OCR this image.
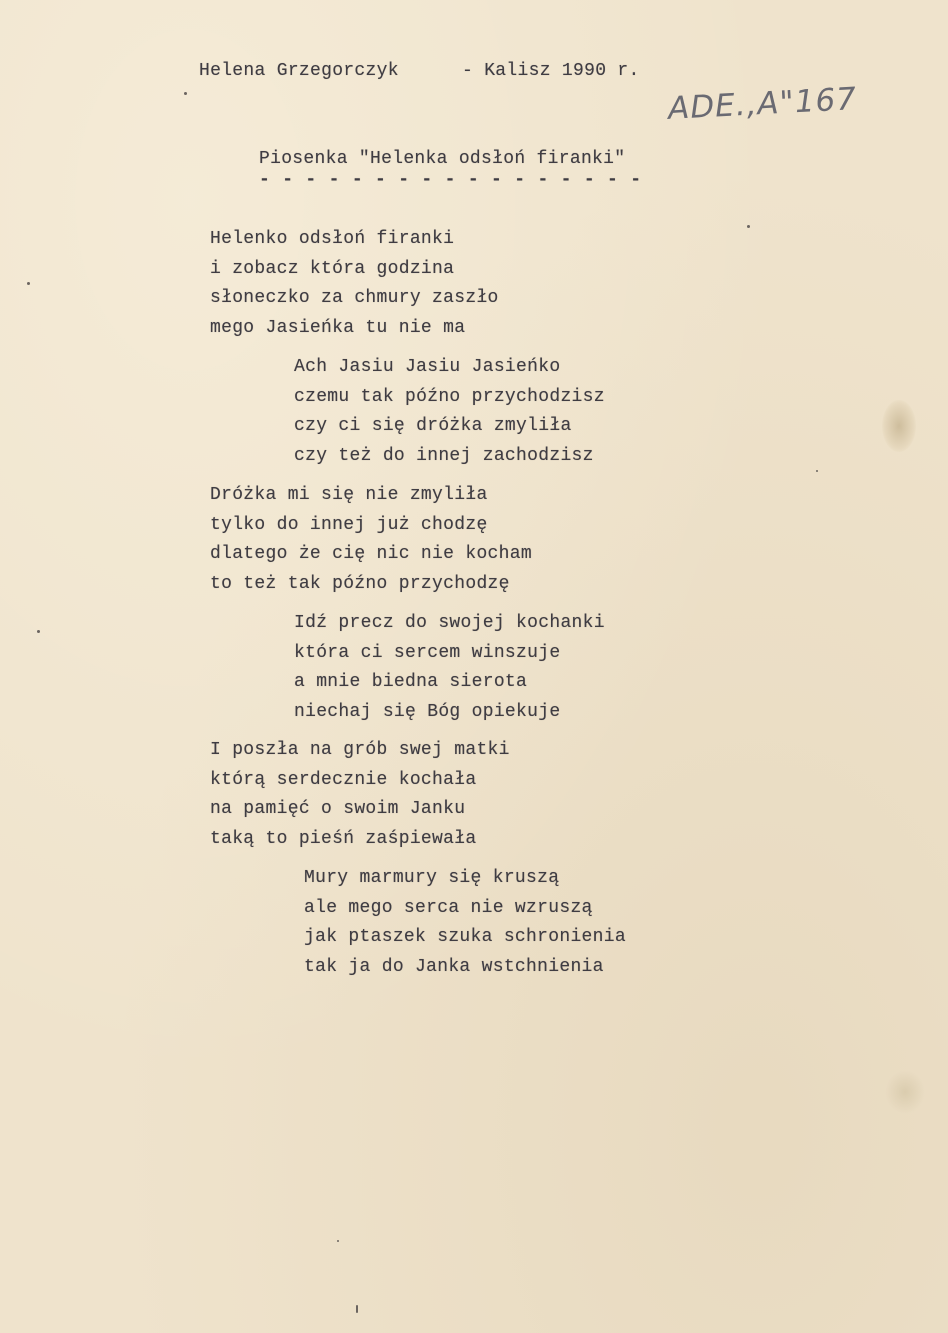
Helena Grzegorczyk	- Kalisz 1990 r.
ADE.,A"167
Piosenka "Helenka odsłoń firanki"
- - - - - - - - - - - - - - - - -
Helenko odsłoń firanki
i zobacz która godzina
słoneczko za chmury zaszło
mego Jasieńka tu nie ma
Ach Jasiu Jasiu Jasieńko
czemu tak późno przychodzisz
czy ci się dróżka zmyliła
czy też do innej zachodzisz
Dróżka mi się nie zmyliła
tylko do innej już chodzę
dlatego że cię nic nie kocham
to też tak późno przychodzę
Idź precz do swojej kochanki
która ci sercem winszuje
a mnie biedna sierota
niechaj się Bóg opiekuje
I poszła na grób swej matki
którą serdecznie kochała
na pamięć o swoim Janku
taką to pieśń zaśpiewała
Mury marmury się kruszą
ale mego serca nie wzruszą
jak ptaszek szuka schronienia
tak ja do Janka wstchnienia
